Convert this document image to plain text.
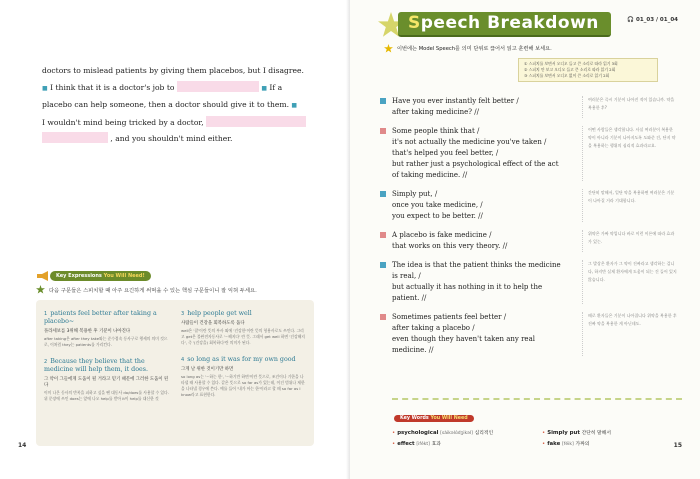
doctors to mislead patients by giving them placebos, but I disagree.
■ I think that it is a doctor's job to	■ If a
placebo can help someone, then a doctor should give it to them. ■
I wouldn't mind being tricked by a doctor,
, and you shouldn't mind either.
Key Expressions You Will Need!
다음 구문들은 스피치할 때 아주 요긴하게 써먹을 수 있는 핵심 구문들이니 잘 익혀 두세요.
1 patients feel better after taking a placebo~
플라세보를 3위해 복용한 후 기분이 나아진다
after taking은 after they take와는 준수접속 동사구로 행세의 의미 것으로, 이처럼 they는 patients를 가리킨다.
2 Because they believe that the medicine will help them, it does.
그 약이 그들에게 도움이 될 거라고 믿기 때문에 그러한 도움이 된다
이미 나온 동사의 반복을 피하고 싶을 땐 대동사 do/does를 사용할 수 있다. 위 문장에 쓰인 does는 앞에 나오 help를 받아 it이 help를 대신한 것
3 help people get well
사람들이 건강을 회복하도록 돕다
well은 '잘'이란 뜻의 부사 외에 '건강한'이란 뜻의 형용사로도 쓰인다. 그리고 get은 불완전자동사로 '~해지다' 란 뜻. 그래서 get well 하면 '건강해지다', 즉 '(건강을) 회복하다'란 의미가 된다.
4 so long as it was for my own good
그게 날 위한 것이기만 하면
so long as는 '~하는 한', '~하기만 하면'이란 뜻으로, 조건이나 기한을 나타낼 때 사용할 수 있다. 같은 뜻으로 so far as가 있는데, 이건 범위나 제한을 나타낼 경우에 쓴다. 예를 들어 '내가 아는 한'이라고 할 때 so far as I know라고 표현한다.
14
Speech Breakdown	🎧 01_03 / 01_04
이번에는 Model Speech를 의미 단위로 끊어서 읽고 훈련해 보세요.
① 스피치를 보면서 오디오 들고 큰 소리로 따라 읽기 3회
② 스피치 안 보고 오디오 들고 큰 소리로 따라 읽기 2회
③ 스피치를 보면서 오디오 없이 큰 소리로 읽기 2회
Have you ever instantly felt better /
after taking medicine? //
여러분은 즉시 기분이 나아진 적이 있습니까. 약을 복용한 후?
Some people think that /
it's not actually the medicine you've taken /
that's helped you feel better, /
but rather just a psychological effect of the act
of taking medicine. //
어떤 사람들은 생각합니다. 사실 여러분이 복용한 약이 아니라 기분이 나아지도록 도와준 건, 단지 약을 복용하는 행위의 심리적 효과라고요.
Simply put, /
once you take medicine, /
you expect to be better. //
간단히 말해서, 일단 약을 복용하면 여러분은 기분이 나아질 거라 기대합니다.
A placebo is fake medicine /
that works on this very theory. //
위약은 가짜 약입니다 바로 이런 이론에 따라 효과가 있는.
The idea is that the patient thinks the medicine
is real, /
but actually it has nothing in it to help the
patient. //
그 발상은 환자가 그 약이 진짜라고 생각하는 겁니다, 하지만 실제 환자에게 도움이 되는 건 들어 있지 않습니다.
Sometimes patients feel better /
after taking a placebo /
even though they haven't taken any real
medicine. //
때로 환자들은 기분이 나아집니다 위약을 복용한 후 진짜 약을 복용한 게 아닌데도.
Key Words You Will Need
• psychological [sàikəlɑ́dʒikəl] 심리적인	• Simply put 간단히 말해서
• effect [ifékt] 효과	• fake [féik] 가짜의	15
